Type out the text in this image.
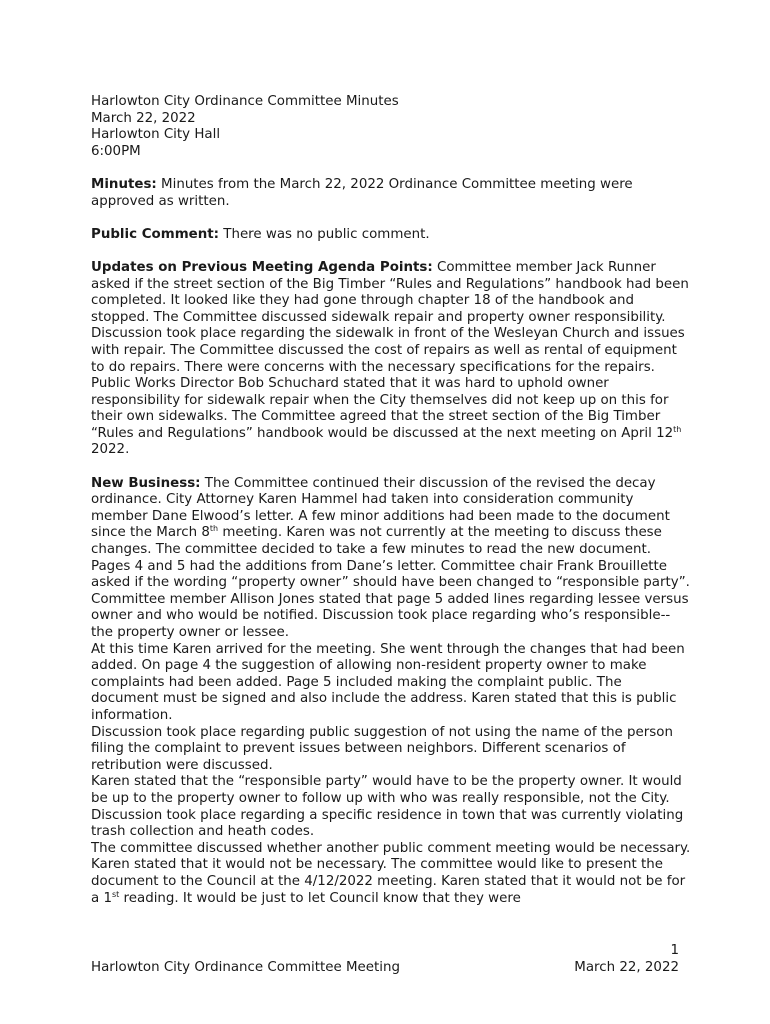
Harlowton City Ordinance Committee Minutes

March 22, 2022

Harlowton City Hall

6:00PM

Minutes: Minutes from the March 22, 2022 Ordinance Committee meeting were approved as written.

Public Comment: There was no public comment.

Updates on Previous Meeting Agenda Points: Committee member Jack Runner asked if the street section of the Big Timber “Rules and Regulations” handbook had been completed. It looked like they had gone through chapter 18 of the handbook and stopped. The Committee discussed sidewalk repair and property owner responsibility. Discussion took place regarding the sidewalk in front of the Wesleyan Church and issues with repair. The Committee discussed the cost of repairs as well as rental of equipment to do repairs. There were concerns with the necessary specifications for the repairs. Public Works Director Bob Schuchard stated that it was hard to uphold owner responsibility for sidewalk repair when the City themselves did not keep up on this for their own sidewalks. The Committee agreed that the street section of the Big Timber “Rules and Regulations” handbook would be discussed at the next meeting on April 12th 2022.

New Business: The Committee continued their discussion of the revised the decay ordinance. City Attorney Karen Hammel had taken into consideration community member Dane Elwood’s letter. A few minor additions had been made to the document since the March 8th meeting. Karen was not currently at the meeting to discuss these changes. The committee decided to take a few minutes to read the new document. Pages 4 and 5 had the additions from Dane’s letter. Committee chair Frank Brouillette asked if the wording “property owner” should have been changed to “responsible party”. Committee member Allison Jones stated that page 5 added lines regarding lessee versus owner and who would be notified. Discussion took place regarding who’s responsible-- the property owner or lessee.

At this time Karen arrived for the meeting. She went through the changes that had been added. On page 4 the suggestion of allowing non-resident property owner to make complaints had been added. Page 5 included making the complaint public. The document must be signed and also include the address. Karen stated that this is public information.

Discussion took place regarding public suggestion of not using the name of the person filing the complaint to prevent issues between neighbors. Different scenarios of retribution were discussed.

Karen stated that the “responsible party” would have to be the property owner. It would be up to the property owner to follow up with who was really responsible, not the City.

Discussion took place regarding a specific residence in town that was currently violating trash collection and heath codes.

The committee discussed whether another public comment meeting would be necessary. Karen stated that it would not be necessary. The committee would like to present the document to the Council at the 4/12/2022 meeting. Karen stated that it would not be for a 1st reading. It would be just to let Council know that they were

1

Harlowton City Ordinance Committee Meeting	March 22, 2022
